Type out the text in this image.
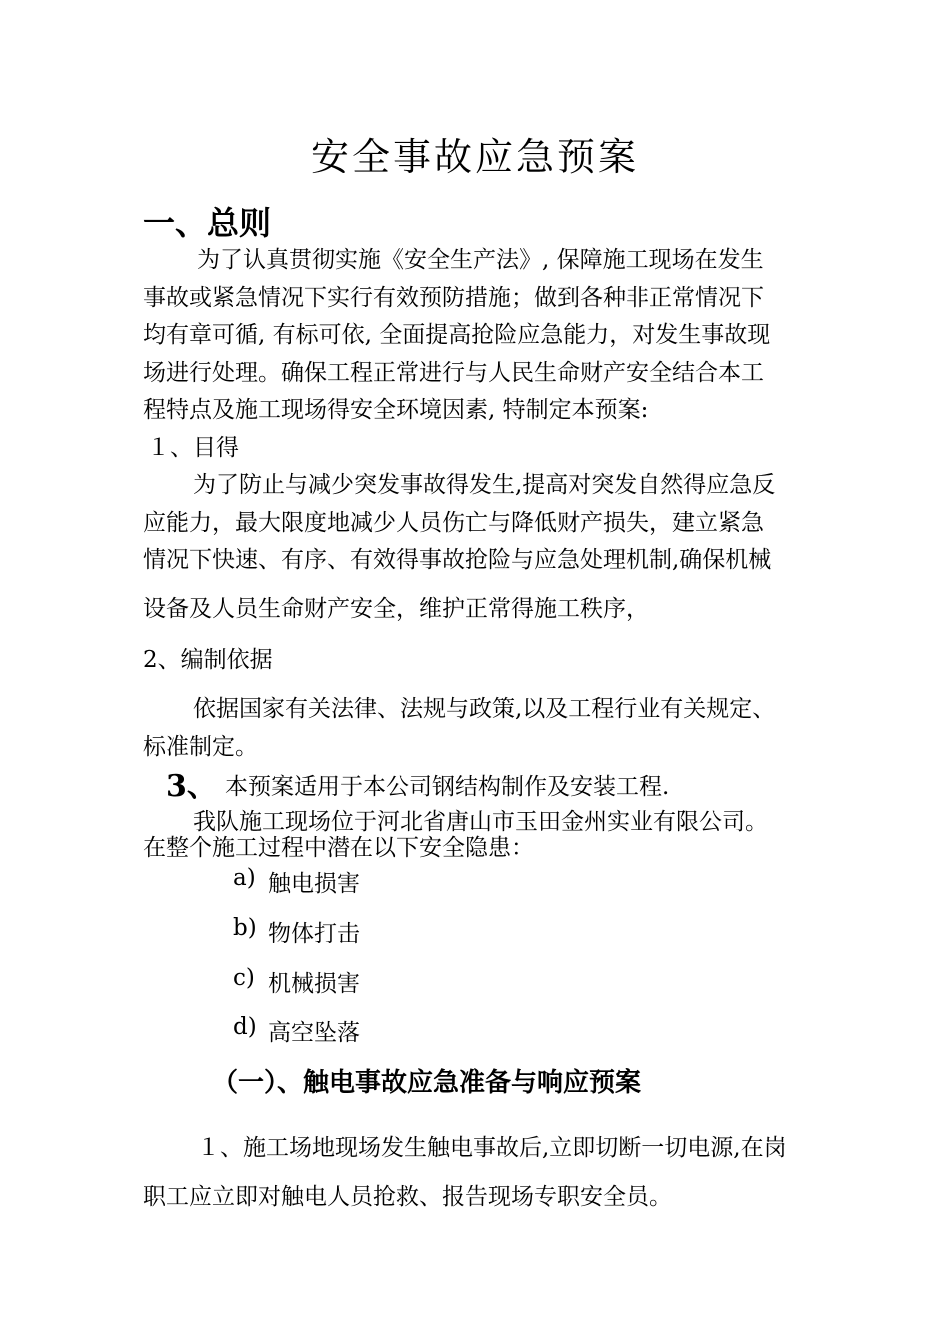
安全事故应急预案
一、总则
为了认真贯彻实施《安全生产法》, 保障施工现场在发生
事故或紧急情况下实行有效预防措施；做到各种非正常情况下
均有章可循, 有标可依, 全面提高抢险应急能力，对发生事故现
场进行处理。确保工程正常进行与人民生命财产安全结合本工
程特点及施工现场得安全环境因素, 特制定本预案:
１、目得
为了防止与减少突发事故得发生,提高对突发自然得应急反
应能力，最大限度地减少人员伤亡与降低财产损失，建立紧急
情况下快速、有序、有效得事故抢险与应急处理机制,确保机械
设备及人员生命财产安全，维护正常得施工秩序，
2、编制依据
依据国家有关法律、法规与政策,以及工程行业有关规定、
标准制定。
3、 本预案适用于本公司钢结构制作及安装工程.
我队施工现场位于河北省唐山市玉田金州实业有限公司。
在整个施工过程中潜在以下安全隐患：
a) 触电损害
b) 物体打击
c) 机械损害
d) 高空坠落
（一）、触电事故应急准备与响应预案
１、施工场地现场发生触电事故后,立即切断一切电源,在岗
职工应立即对触电人员抢救、报告现场专职安全员。
